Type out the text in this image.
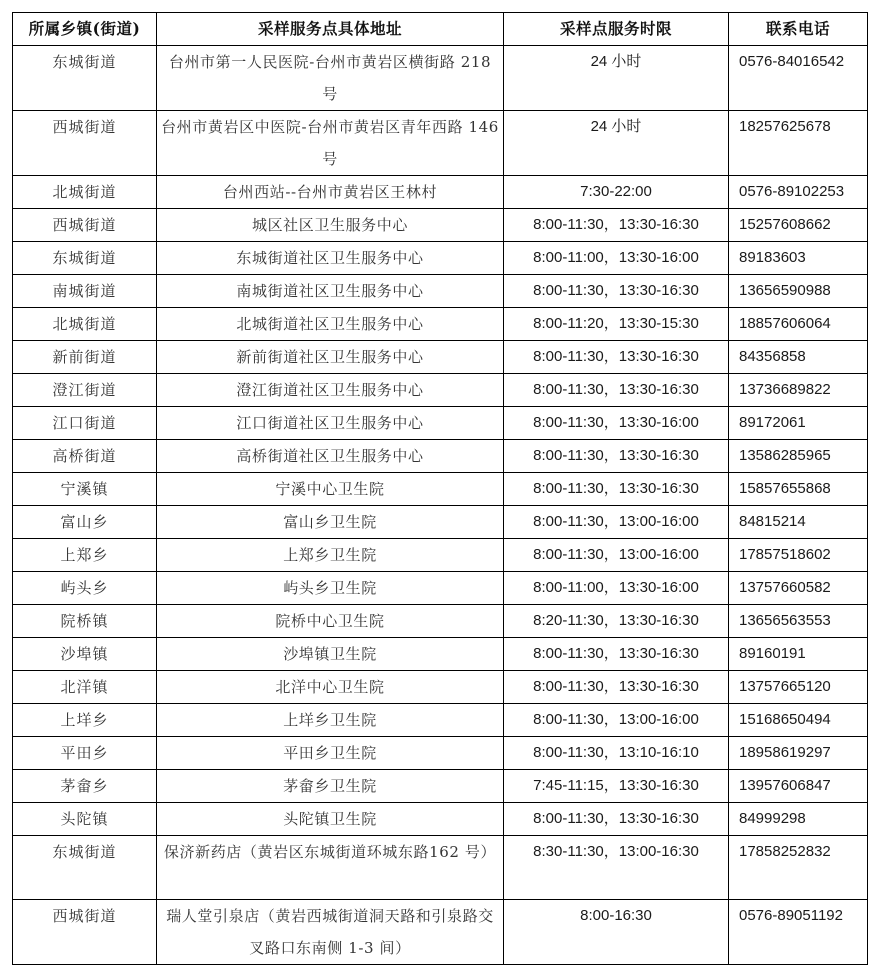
所属乡镇(街道)	采样服务点具体地址	采样点服务时限	联系电话
东城街道	台州市第一人民医院-台州市黄岩区横街路 218 号	24 小时	0576-84016542
西城街道	台州市黄岩区中医院-台州市黄岩区青年西路 146 号	24 小时	18257625678
北城街道	台州西站--台州市黄岩区王林村	7:30-22:00	0576-89102253
西城街道	城区社区卫生服务中心	8:00-11:30，13:30-16:30	15257608662
东城街道	东城街道社区卫生服务中心	8:00-11:00，13:30-16:00	89183603
南城街道	南城街道社区卫生服务中心	8:00-11:30，13:30-16:30	13656590988
北城街道	北城街道社区卫生服务中心	8:00-11:20，13:30-15:30	18857606064
新前街道	新前街道社区卫生服务中心	8:00-11:30，13:30-16:30	84356858
澄江街道	澄江街道社区卫生服务中心	8:00-11:30，13:30-16:30	13736689822
江口街道	江口街道社区卫生服务中心	8:00-11:30，13:30-16:00	89172061
高桥街道	高桥街道社区卫生服务中心	8:00-11:30，13:30-16:30	13586285965
宁溪镇	宁溪中心卫生院	8:00-11:30，13:30-16:30	15857655868
富山乡	富山乡卫生院	8:00-11:30，13:00-16:00	84815214
上郑乡	上郑乡卫生院	8:00-11:30，13:00-16:00	17857518602
屿头乡	屿头乡卫生院	8:00-11:00，13:30-16:00	13757660582
院桥镇	院桥中心卫生院	8:20-11:30，13:30-16:30	13656563553
沙埠镇	沙埠镇卫生院	8:00-11:30，13:30-16:30	89160191
北洋镇	北洋中心卫生院	8:00-11:30，13:30-16:30	13757665120
上垟乡	上垟乡卫生院	8:00-11:30，13:00-16:00	15168650494
平田乡	平田乡卫生院	8:00-11:30，13:10-16:10	18958619297
茅畲乡	茅畲乡卫生院	7:45-11:15，13:30-16:30	13957606847
头陀镇	头陀镇卫生院	8:00-11:30，13:30-16:30	84999298
东城街道	保济新药店（黄岩区东城街道环城东路162 号）	8:30-11:30，13:00-16:30	17858252832
西城街道	瑞人堂引泉店（黄岩西城街道洞天路和引泉路交叉路口东南侧 1-3 间）	8:00-16:30	0576-89051192
